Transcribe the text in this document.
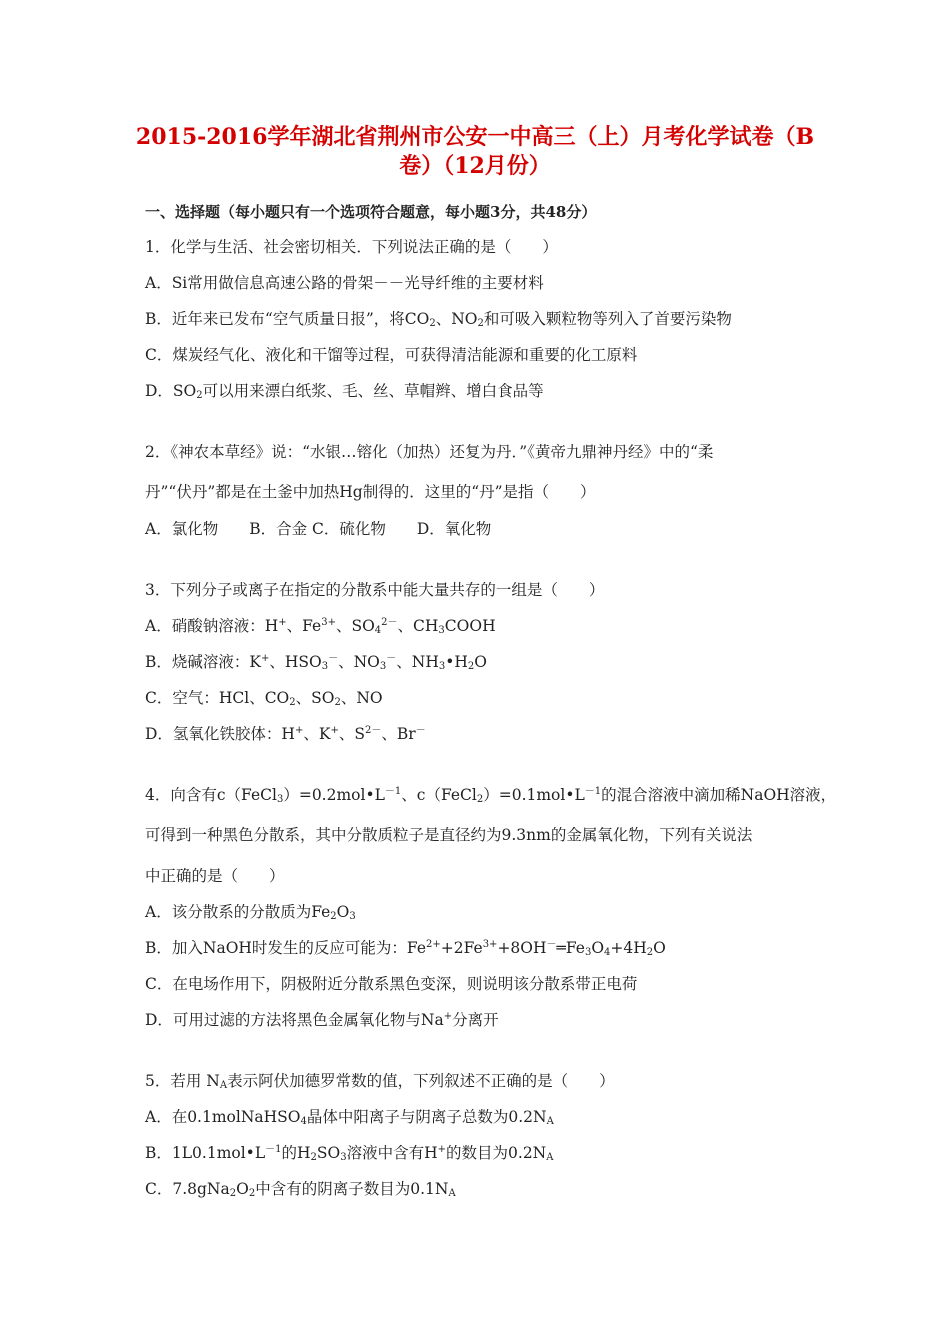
2015-2016学年湖北省荆州市公安一中高三（上）月考化学试卷（B
卷）（12月份）
一、选择题（每小题只有一个选项符合题意，每小题3分，共48分）
1．化学与生活、社会密切相关．下列说法正确的是（　　）
A．Si常用做信息高速公路的骨架－－光导纤维的主要材料
B．近年来已发布“空气质量日报”，将$CO_2$、$NO_2$和可吸入颗粒物等列入了首要污染物
C．煤炭经气化、液化和干馏等过程，可获得清洁能源和重要的化工原料
D．$SO_2$可以用来漂白纸浆、毛、丝、草帽辫、增白食品等
2．《神农本草经》说：“水银…镕化（加热）还复为丹．”《黄帝九鼎神丹经》中的“柔
丹”“伏丹”都是在土釜中加热Hg制得的．这里的“丹”是指（　　）
A．氯化物　　B．合金 C．硫化物　　D．氧化物
3．下列分子或离子在指定的分散系中能大量共存的一组是（　　）
A．硝酸钠溶液：H+、$Fe^{3+}$、$SO_4^{2-}$、$CH_3COOH$
B．烧碱溶液：K+、$HSO_3^-$、$NO_3^-$、$NH_3•H_2O$
C．空气：HCl、$CO_2$、$SO_2$、NO
D．氢氧化铁胶体：H+、K+、$S^{2-}$、Br－
4．向含有$c(FeCl_3)=0.2mol•L^{-1}$、$c(FeCl_2)=0.1mol•L^{-1}$的混合溶液中滴加稀NaOH溶液，
可得到一种黑色分散系，其中分散质粒子是直径约为9.3nm的金属氧化物，下列有关说法
中正确的是（　　）
A．该分散系的分散质为$Fe_2O_3$
B．加入NaOH时发生的反应可能为：$Fe^{2+}+2Fe^{3+}+8OH^-═Fe_3O_4+4H_2O$
C．在电场作用下，阴极附近分散系黑色变深，则说明该分散系带正电荷
D．可用过滤的方法将黑色金属氧化物与Na+分离开
5．若用 $N_A$表示阿伏加德罗常数的值，下列叙述不正确的是（　　）
A．在0.1molNaHSO$_4$晶体中阳离子与阴离子总数为$0.2N_A$
B．$1L0.1mol•L^{-1}$的$H_2SO_3$溶液中含有H+的数目为$0.2N_A$
C．$7.8gNa_2O_2$中含有的阴离子数目为$0.1N_A$
